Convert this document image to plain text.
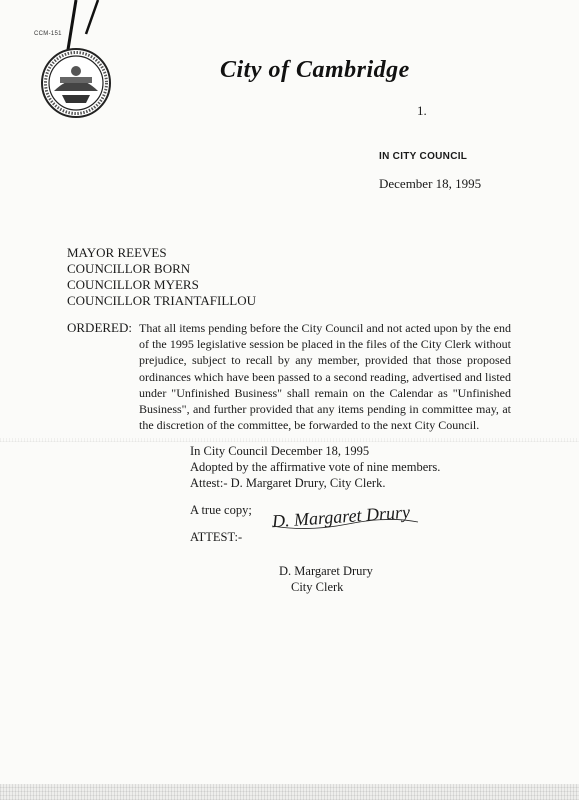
CCM-151
City of Cambridge
1.
IN CITY COUNCIL
December 18, 1995
MAYOR REEVES
COUNCILLOR BORN
COUNCILLOR MYERS
COUNCILLOR TRIANTAFILLOU
ORDERED: That all items pending before the City Council and not acted upon by the end of the 1995 legislative session be placed in the files of the City Clerk without prejudice, subject to recall by any member, provided that those proposed ordinances which have been passed to a second reading, advertised and listed under "Unfinished Business" shall remain on the Calendar as "Unfinished Business", and further provided that any items pending in committee may, at the discretion of the committee, be forwarded to the next City Council.
In City Council December 18, 1995
Adopted by the affirmative vote of nine members.
Attest:- D. Margaret Drury, City Clerk.
A true copy;
ATTEST:-
D. Margaret Drury
D. Margaret Drury
City Clerk
